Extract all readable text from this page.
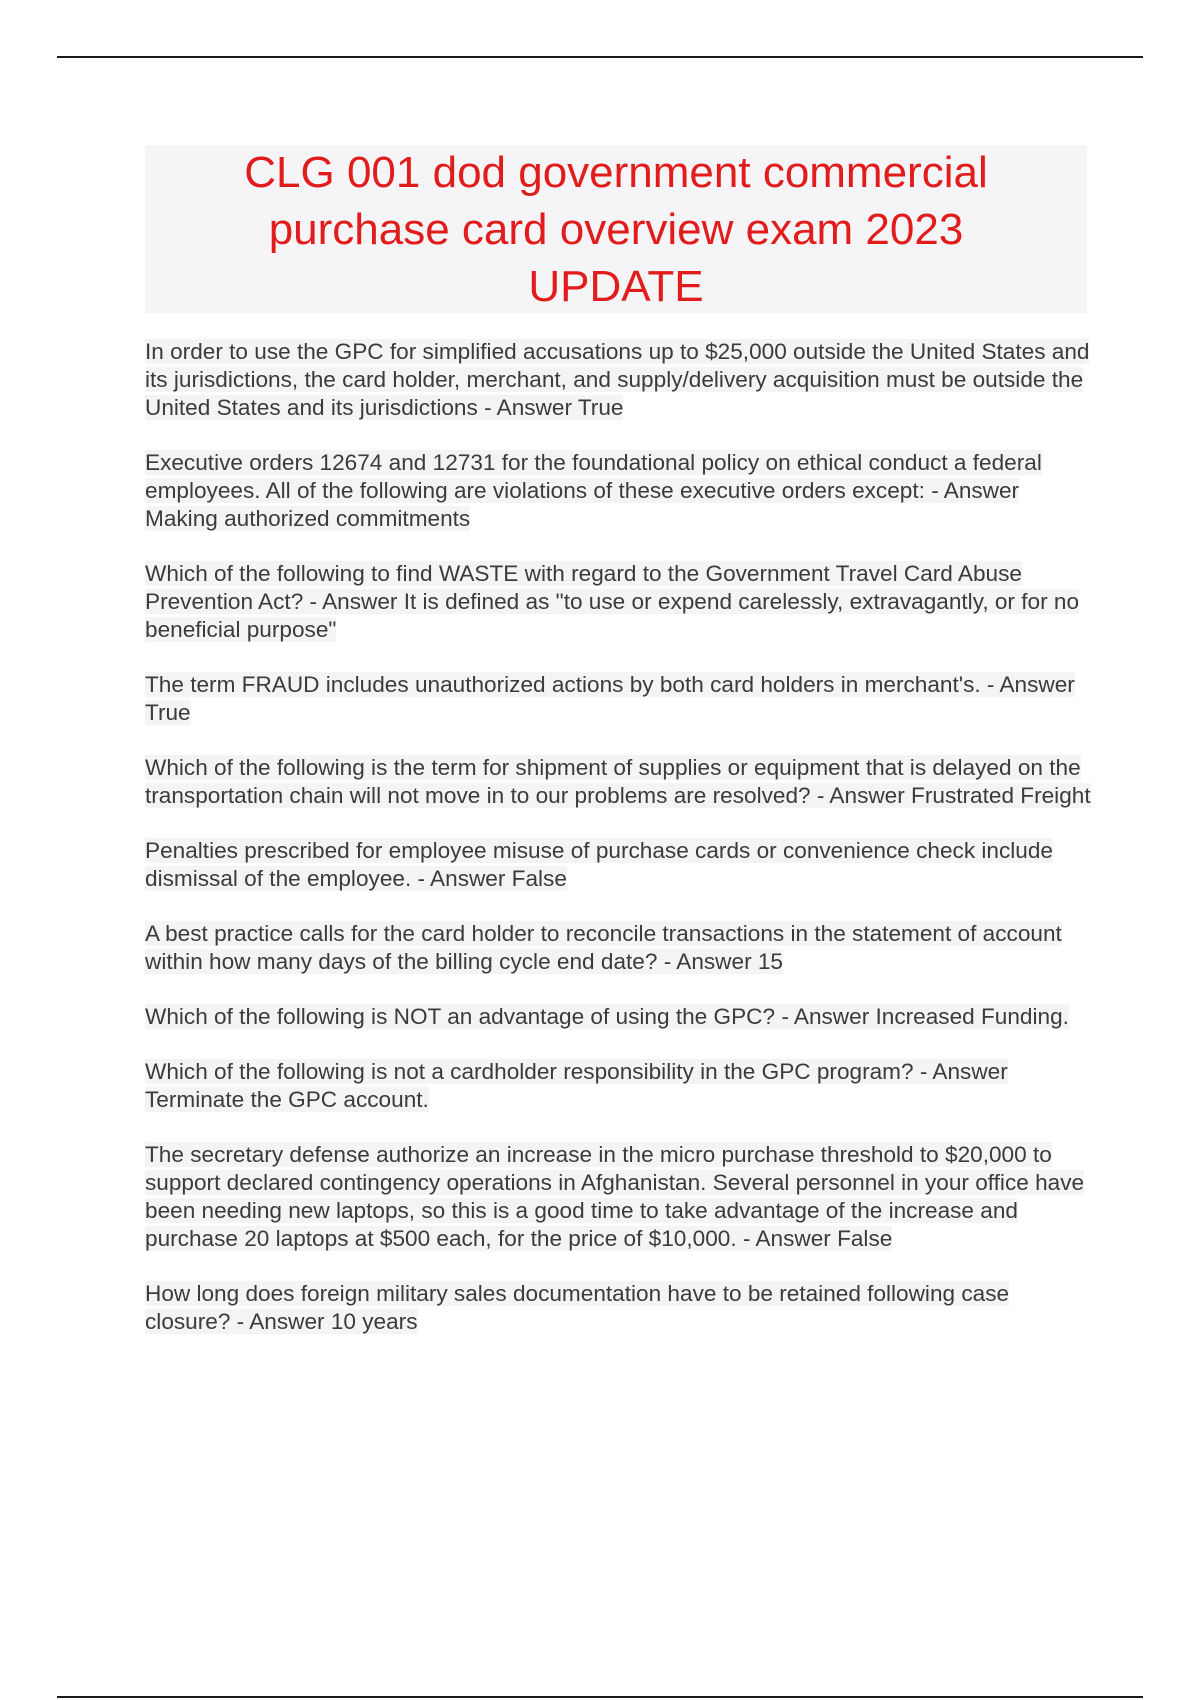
CLG 001 dod government commercial purchase card overview exam 2023 UPDATE

In order to use the GPC for simplified accusations up to $25,000 outside the United States and its jurisdictions, the card holder, merchant, and supply/delivery acquisition must be outside the United States and its jurisdictions - Answer True

Executive orders 12674 and 12731 for the foundational policy on ethical conduct a federal employees. All of the following are violations of these executive orders except: - Answer Making authorized commitments

Which of the following to find WASTE with regard to the Government Travel Card Abuse Prevention Act? - Answer It is defined as "to use or expend carelessly, extravagantly, or for no beneficial purpose"

The term FRAUD includes unauthorized actions by both card holders in merchant's. - Answer True

Which of the following is the term for shipment of supplies or equipment that is delayed on the transportation chain will not move in to our problems are resolved? - Answer Frustrated Freight

Penalties prescribed for employee misuse of purchase cards or convenience check include dismissal of the employee. - Answer False

A best practice calls for the card holder to reconcile transactions in the statement of account within how many days of the billing cycle end date? - Answer 15

Which of the following is NOT an advantage of using the GPC? - Answer Increased Funding.

Which of the following is not a cardholder responsibility in the GPC program? - Answer Terminate the GPC account.

The secretary defense authorize an increase in the micro purchase threshold to $20,000 to support declared contingency operations in Afghanistan. Several personnel in your office have been needing new laptops, so this is a good time to take advantage of the increase and purchase 20 laptops at $500 each, for the price of $10,000. - Answer False

How long does foreign military sales documentation have to be retained following case closure? - Answer 10 years
